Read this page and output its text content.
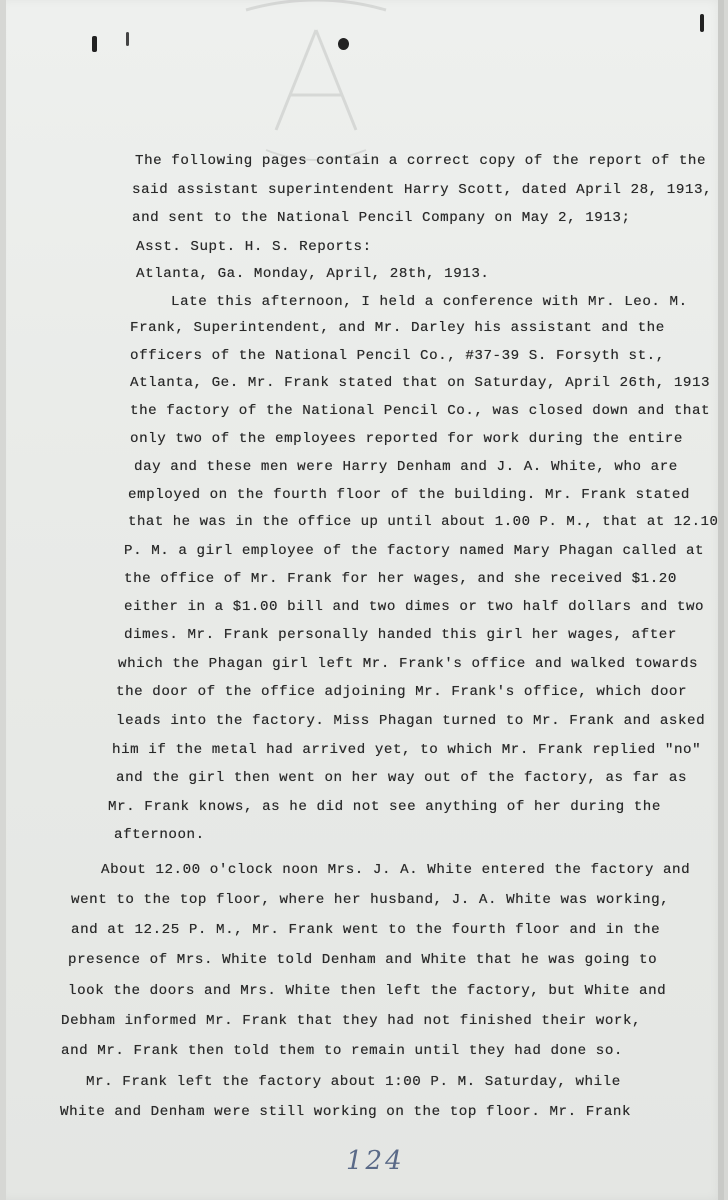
The following pages contain a correct copy of the report of the
said assistant superintendent Harry Scott, dated April 28, 1913,
and sent to the National Pencil Company on May 2, 1913;
Asst. Supt. H. S. Reports:
Atlanta, Ga. Monday, April, 28th, 1913.
Late this afternoon, I held a conference with Mr. Leo. M.
Frank, Superintendent, and Mr. Darley his assistant and the
officers of the National Pencil Co., #37-39 S. Forsyth st.,
Atlanta, Ge. Mr. Frank stated that on Saturday, April 26th, 1913
the factory of the National Pencil Co., was closed down and that
only two of the employees reported for work during the entire
day and these men were Harry Denham and J. A. White, who are
employed on the fourth floor of the building. Mr. Frank stated
that he was in the office up until about 1.00 P. M., that at 12.10
P. M. a girl employee of the factory named Mary Phagan called at
the office of Mr. Frank for her wages, and she received $1.20
either in a $1.00 bill and two dimes or two half dollars and two
dimes. Mr. Frank personally handed this girl her wages, after
which the Phagan girl left Mr. Frank's office and walked towards
the door of the office adjoining Mr. Frank's office, which door
leads into the factory. Miss Phagan turned to Mr. Frank and asked
him if the metal had arrived yet, to which Mr. Frank replied "no"
and the girl then went on her way out of the factory, as far as
Mr. Frank knows, as he did not see anything of her during the
afternoon.
About 12.00 o'clock noon Mrs. J. A. White entered the factory and
went to the top floor, where her husband, J. A. White was working,
and at 12.25 P. M., Mr. Frank went to the fourth floor and in the
presence of Mrs. White told Denham and White that he was going to
look the doors and Mrs. White then left the factory, but White and
Debham informed Mr. Frank that they had not finished their work,
and Mr. Frank then told them to remain until they had done so.
Mr. Frank left the factory about 1:00 P. M. Saturday, while
White and Denham were still working on the top floor. Mr. Frank
124
